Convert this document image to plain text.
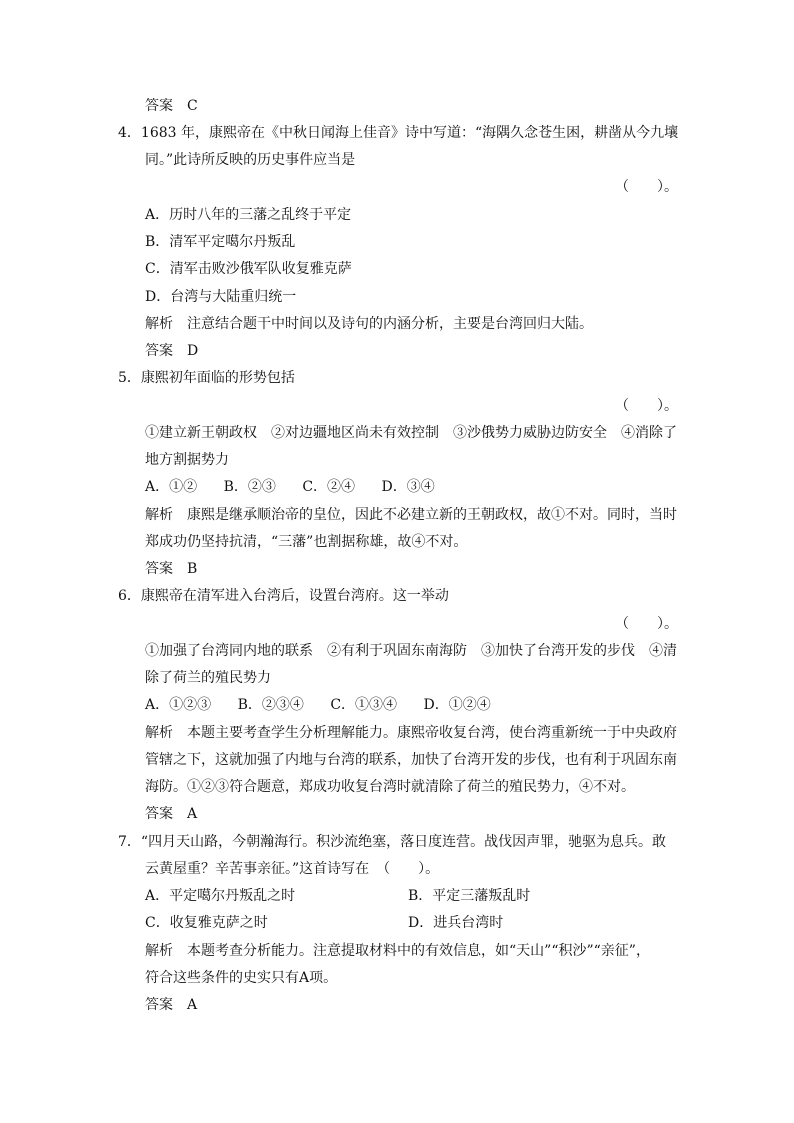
答案　C
4．1683 年，康熙帝在《中秋日闻海上佳音》诗中写道：“海隅久念苍生困，耕凿从今九壤
同。”此诗所反映的历史事件应当是
（　　）。
A．历时八年的三藩之乱终于平定
B．清军平定噶尔丹叛乱
C．清军击败沙俄军队收复雅克萨
D．台湾与大陆重归统一
解析　注意结合题干中时间以及诗句的内涵分析，主要是台湾回归大陆。
答案　D
5．康熙初年面临的形势包括
（　　）。
①建立新王朝政权　②对边疆地区尚未有效控制　③沙俄势力威胁边防安全　④消除了
地方割据势力
A．①② B．②③ C．②④ D．③④
解析　康熙是继承顺治帝的皇位，因此不必建立新的王朝政权，故①不对。同时，当时
郑成功仍坚持抗清，“三藩”也割据称雄，故④不对。
答案　B
6．康熙帝在清军进入台湾后，设置台湾府。这一举动
（　　）。
①加强了台湾同内地的联系　②有利于巩固东南海防　③加快了台湾开发的步伐　④清
除了荷兰的殖民势力
A．①②③ B．②③④ C．①③④ D．①②④
解析　本题主要考查学生分析理解能力。康熙帝收复台湾，使台湾重新统一于中央政府
管辖之下，这就加强了内地与台湾的联系，加快了台湾开发的步伐，也有利于巩固东南
海防。①②③符合题意，郑成功收复台湾时就清除了荷兰的殖民势力，④不对。
答案　A
7．“四月天山路，今朝瀚海行。积沙流绝塞，落日度连营。战伐因声罪，驰驱为息兵。敢
云黄屋重？辛苦事亲征。”这首诗写在　（　　）。
A．平定噶尔丹叛乱之时	B．平定三藩叛乱时
C．收复雅克萨之时	D．进兵台湾时
解析　本题考查分析能力。注意提取材料中的有效信息，如“天山”“积沙”“亲征”，
符合这些条件的史实只有A项。
答案　A
